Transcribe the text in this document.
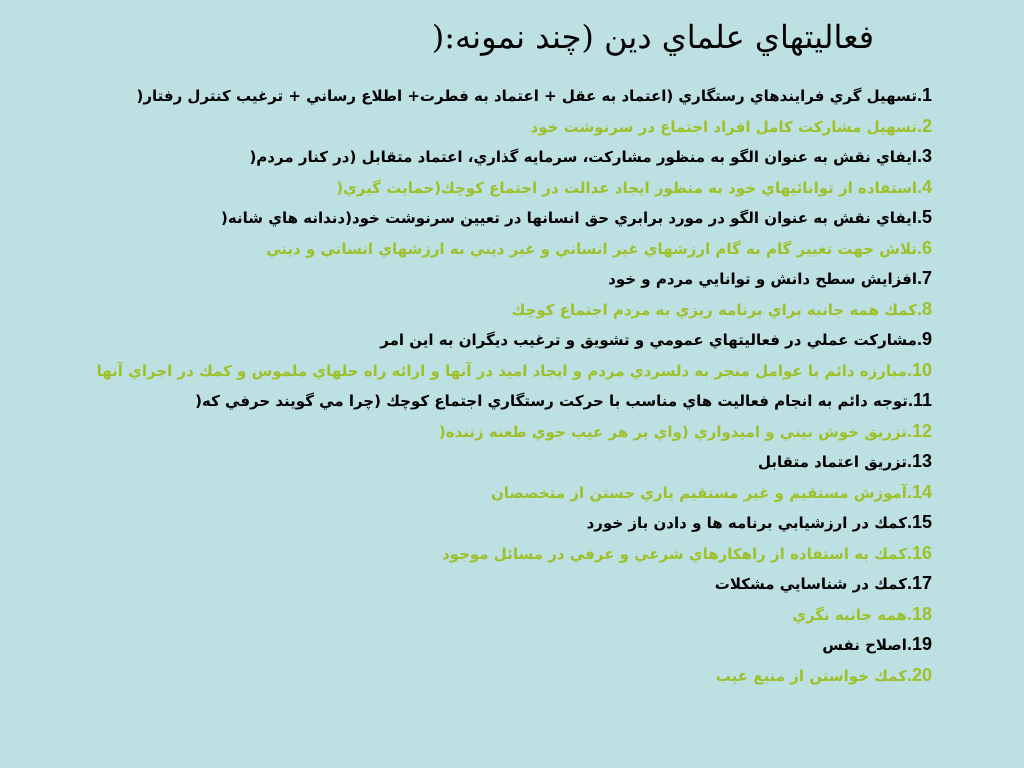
فعاليتهاي علماي دين (چند نمونه:(
1.تسهيل گري فرايندهاي رستگاري (اعتماد به عقل + اعتماد به فطرت+ اطلاع رساني + ترغيب كنترل رفتار(
2.تسهيل مشاركت كامل افراد اجتماع در سرنوشت خود
3.ايفاي نقش به عنوان الگو به منظور مشاركت، سرمايه گذاري، اعتماد متقابل (در كنار مردم(
4.استفاده از توانائيهاي خود به منظور ايجاد عدالت در اجتماع كوچك(حمايت گيري(
5.ايفاي نقش به عنوان الگو در مورد برابري حق انسانها در تعيين سرنوشت خود(دندانه هاي شانه(
6.تلاش جهت تغيير گام به گام ارزشهاي غير انساني و غير ديني به ارزشهاي انساني و ديني
7.افزايش سطح دانش و توانايي مردم و خود
8.كمك همه جانبه براي برنامه ريزي به مردم اجتماع كوچك
9.مشاركت عملي در فعاليتهاي عمومي و تشويق و ترغيب ديگران به اين امر
10.مبارزه دائم با عوامل منجر به دلسردي مردم و ايجاد اميد در آنها و ارائه راه حلهاي ملموس و كمك در اجراي آنها
11.توجه دائم به انجام فعاليت هاي مناسب با حركت رستگاري اجتماع كوچك (چرا مي گويند حرفي كه(
12.تزريق خوش بيني و اميدواري (واي بر هر عيب جوي طعنه زننده(
13.تزريق اعتماد متقابل
14.آموزش مستقيم و غير مستقيم ياري جستن از متخصصان
15.كمك در ارزشيابي برنامه ها و دادن باز خورد
16.كمك به استفاده از راهكارهاي شرعي و عرفي در مسائل موجود
17.كمك در شناسايي مشكلات
18.همه جانبه نگري
19.اصلاح نفس
20.كمك خواستن از منبع غيب
